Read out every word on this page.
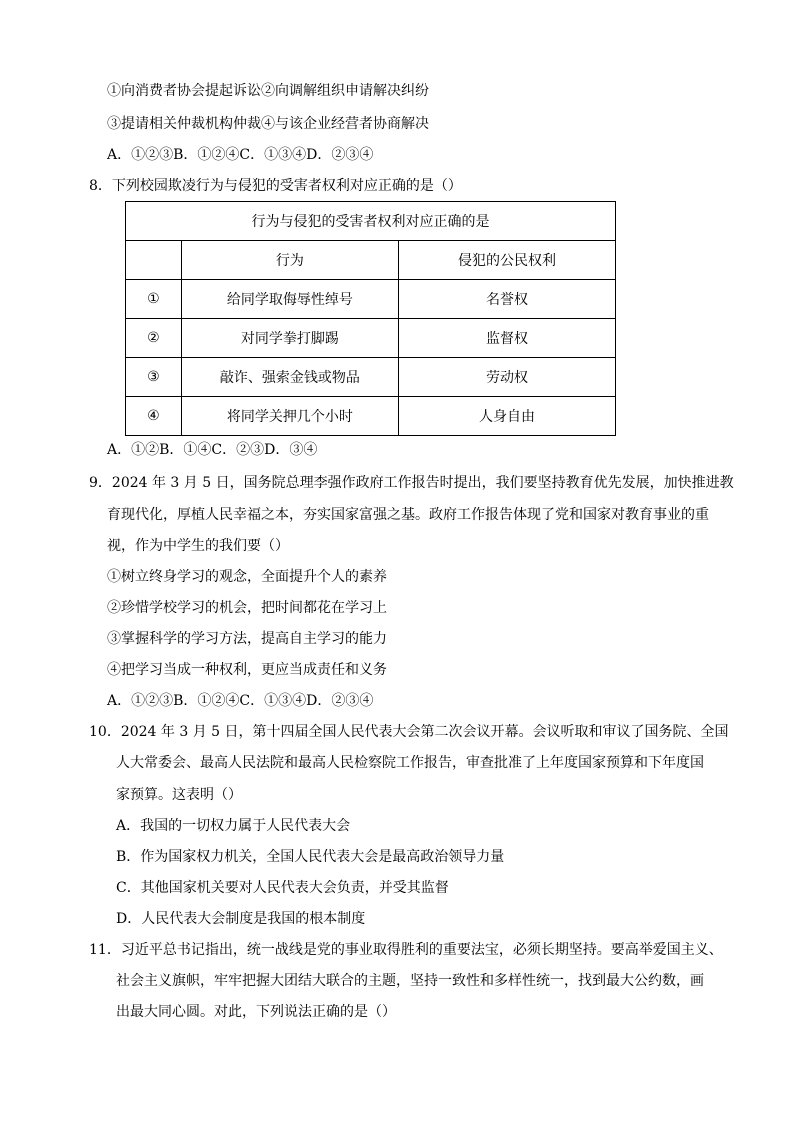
①向消费者协会提起诉讼②向调解组织申请解决纠纷
③提请相关仲裁机构仲裁④与该企业经营者协商解决
A．①②③B．①②④C．①③④D．②③④
8．下列校园欺凌行为与侵犯的受害者权利对应正确的是（）
行为与侵犯的受害者权利对应正确的是		
	行为	侵犯的公民权利
①	给同学取侮辱性绰号	名誉权
②	对同学拳打脚踢	监督权
③	敲诈、强索金钱或物品	劳动权
④	将同学关押几个小时	人身自由
A．①②B．①④C．②③D．③④
9．2024 年 3 月 5 日，国务院总理李强作政府工作报告时提出，我们要坚持教育优先发展，加快推进教
育现代化，厚植人民幸福之本，夯实国家富强之基。政府工作报告体现了党和国家对教育事业的重
视，作为中学生的我们要（）
①树立终身学习的观念，全面提升个人的素养
②珍惜学校学习的机会，把时间都花在学习上
③掌握科学的学习方法，提高自主学习的能力
④把学习当成一种权利，更应当成责任和义务
A．①②③B．①②④C．①③④D．②③④
10．2024 年 3 月 5 日，第十四届全国人民代表大会第二次会议开幕。会议听取和审议了国务院、全国
人大常委会、最高人民法院和最高人民检察院工作报告，审查批准了上年度国家预算和下年度国
家预算。这表明（）
A．我国的一切权力属于人民代表大会
B．作为国家权力机关，全国人民代表大会是最高政治领导力量
C．其他国家机关要对人民代表大会负责，并受其监督
D．人民代表大会制度是我国的根本制度
11．习近平总书记指出，统一战线是党的事业取得胜利的重要法宝，必须长期坚持。要高举爱国主义、
社会主义旗帜，牢牢把握大团结大联合的主题，坚持一致性和多样性统一，找到最大公约数，画
出最大同心圆。对此，下列说法正确的是（）
